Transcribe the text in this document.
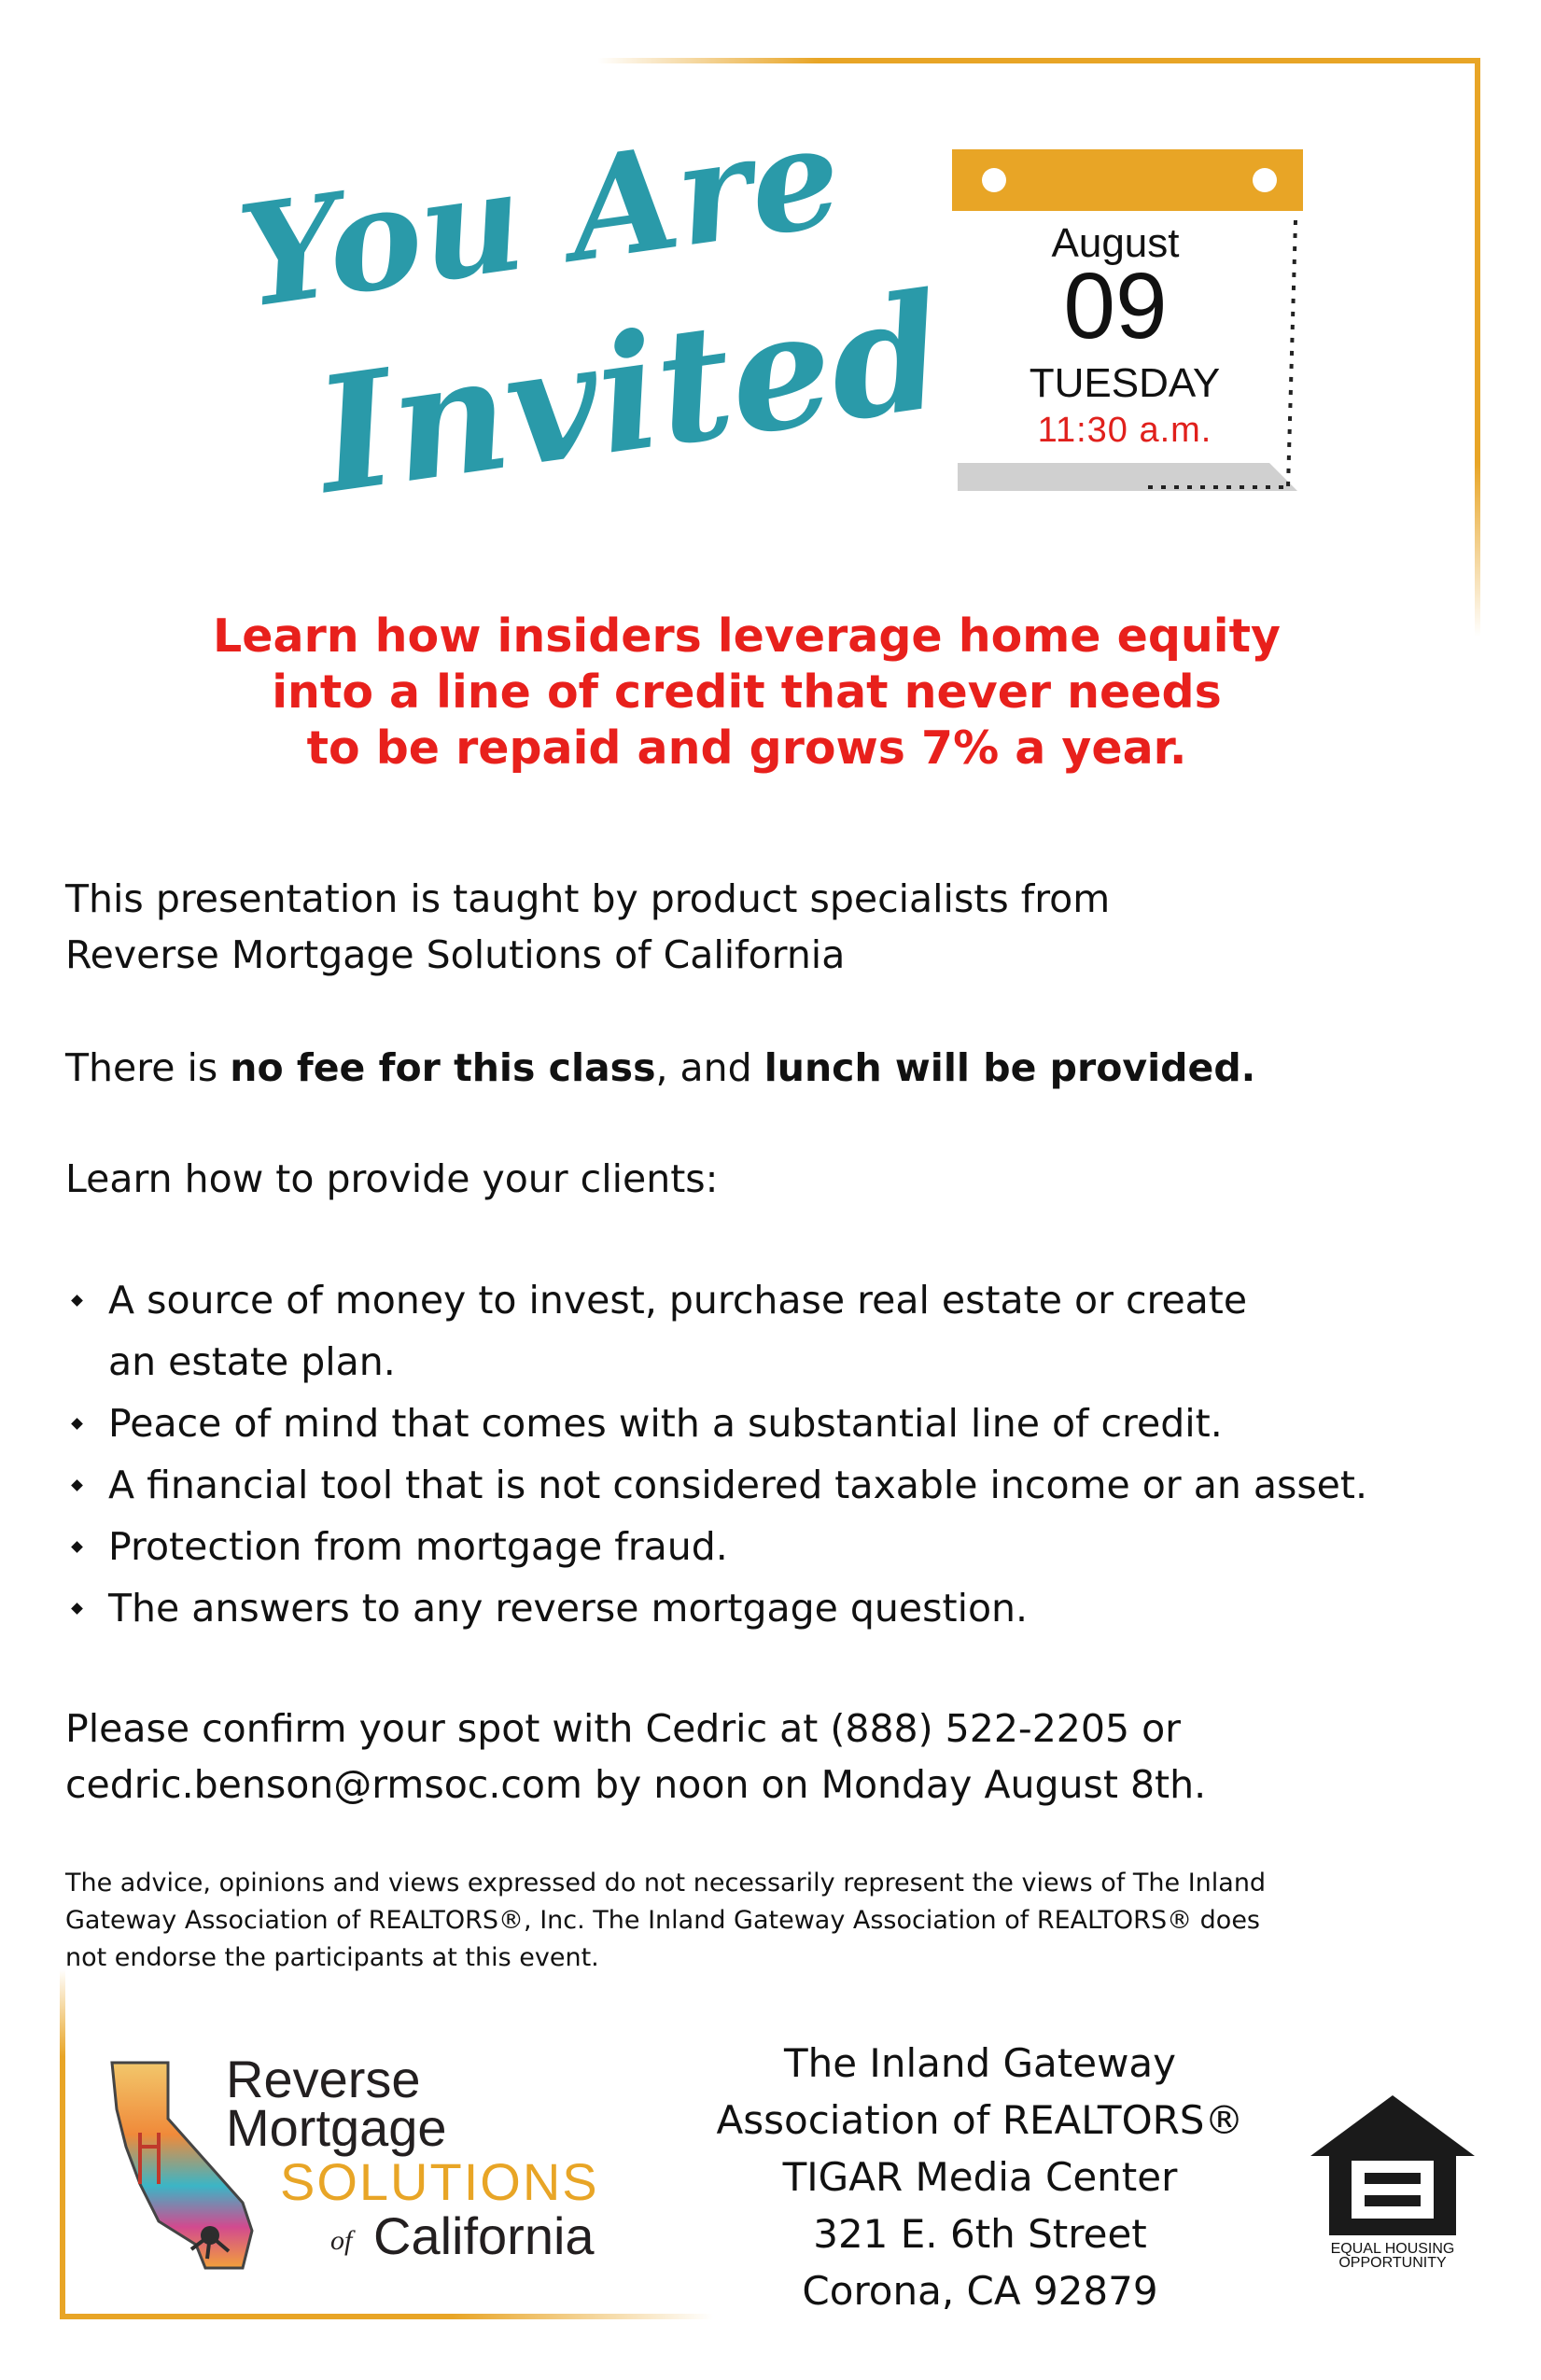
You Are
Invited
August
09
TUESDAY
11:30 a.m.
Learn how insiders leverage home equity
into a line of credit that never needs
to be repaid and grows 7% a year.
This presentation is taught by product specialists from
Reverse Mortgage Solutions of California
There is no fee for this class, and lunch will be provided.
Learn how to provide your clients:
A source of money to invest, purchase real estate or create
an estate plan.
Peace of mind that comes with a substantial line of credit.
A financial tool that is not considered taxable income or an asset.
Protection from mortgage fraud.
The answers to any reverse mortgage question.
Please confirm your spot with Cedric at (888) 522-2205 or
cedric.benson@rmsoc.com by noon on Monday August 8th.
The advice, opinions and views expressed do not necessarily represent the views of The Inland
Gateway Association of REALTORS®, Inc. The Inland Gateway Association of REALTORS® does
not endorse the participants at this event.
Reverse
Mortgage
SOLUTIONS
of California
The Inland Gateway
Association of REALTORS®
TIGAR Media Center
321 E. 6th Street
Corona, CA 92879
EQUAL HOUSING
OPPORTUNITY
